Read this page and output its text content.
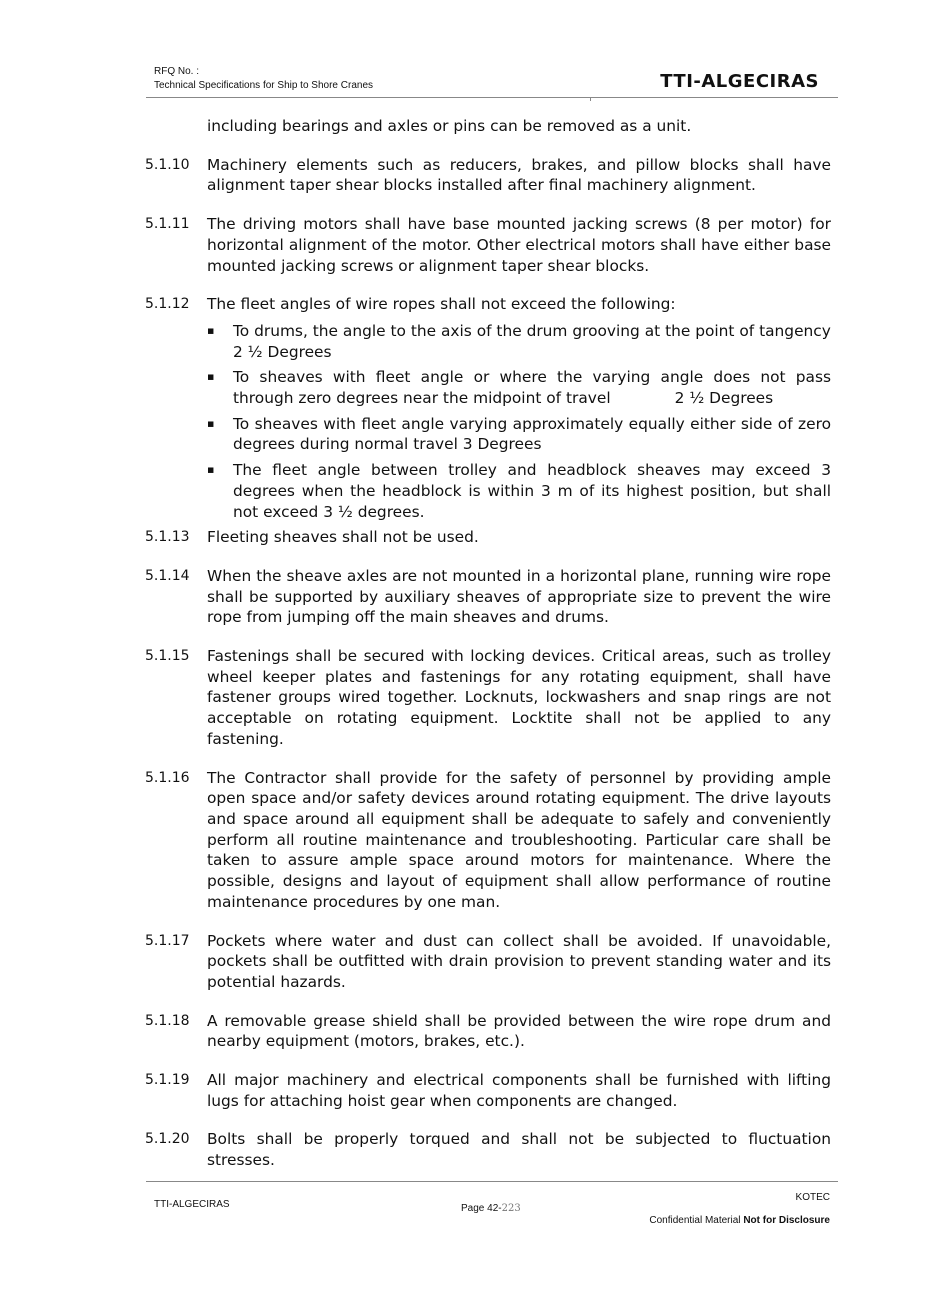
RFQ No. :
Technical Specifications for Ship to Shore Cranes	TTI-ALGECIRAS
including bearings and axles or pins can be removed as a unit.
5.1.10	Machinery elements such as reducers, brakes, and pillow blocks shall have alignment taper shear blocks installed after final machinery alignment.
5.1.11	The driving motors shall have base mounted jacking screws (8 per motor) for horizontal alignment of the motor. Other electrical motors shall have either base mounted jacking screws or alignment taper shear blocks.
5.1.12	The fleet angles of wire ropes shall not exceed the following:
▪	To drums, the angle to the axis of the drum grooving at the point of tangency
2 ½ Degrees
▪	To sheaves with fleet angle or where the varying angle does not pass through zero degrees near the midpoint of travel	2 ½ Degrees
▪	To sheaves with fleet angle varying approximately equally either side of zero degrees during normal travel 3 Degrees
▪	The fleet angle between trolley and headblock sheaves may exceed 3 degrees when the headblock is within 3 m of its highest position, but shall not exceed 3 ½ degrees.
5.1.13	Fleeting sheaves shall not be used.
5.1.14	When the sheave axles are not mounted in a horizontal plane, running wire rope shall be supported by auxiliary sheaves of appropriate size to prevent the wire rope from jumping off the main sheaves and drums.
5.1.15	Fastenings shall be secured with locking devices. Critical areas, such as trolley wheel keeper plates and fastenings for any rotating equipment, shall have fastener groups wired together. Locknuts, lockwashers and snap rings are not acceptable on rotating equipment. Locktite shall not be applied to any fastening.
5.1.16	The Contractor shall provide for the safety of personnel by providing ample open space and/or safety devices around rotating equipment. The drive layouts and space around all equipment shall be adequate to safely and conveniently perform all routine maintenance and troubleshooting. Particular care shall be taken to assure ample space around motors for maintenance. Where the possible, designs and layout of equipment shall allow performance of routine maintenance procedures by one man.
5.1.17	Pockets where water and dust can collect shall be avoided. If unavoidable, pockets shall be outfitted with drain provision to prevent standing water and its potential hazards.
5.1.18	A removable grease shield shall be provided between the wire rope drum and nearby equipment (motors, brakes, etc.).
5.1.19	All major machinery and electrical components shall be furnished with lifting lugs for attaching hoist gear when components are changed.
5.1.20	Bolts shall be properly torqued and shall not be subjected to fluctuation stresses.
TTI-ALGECIRAS	Page 42-223
KOTEC
Confidential Material Not for Disclosure
